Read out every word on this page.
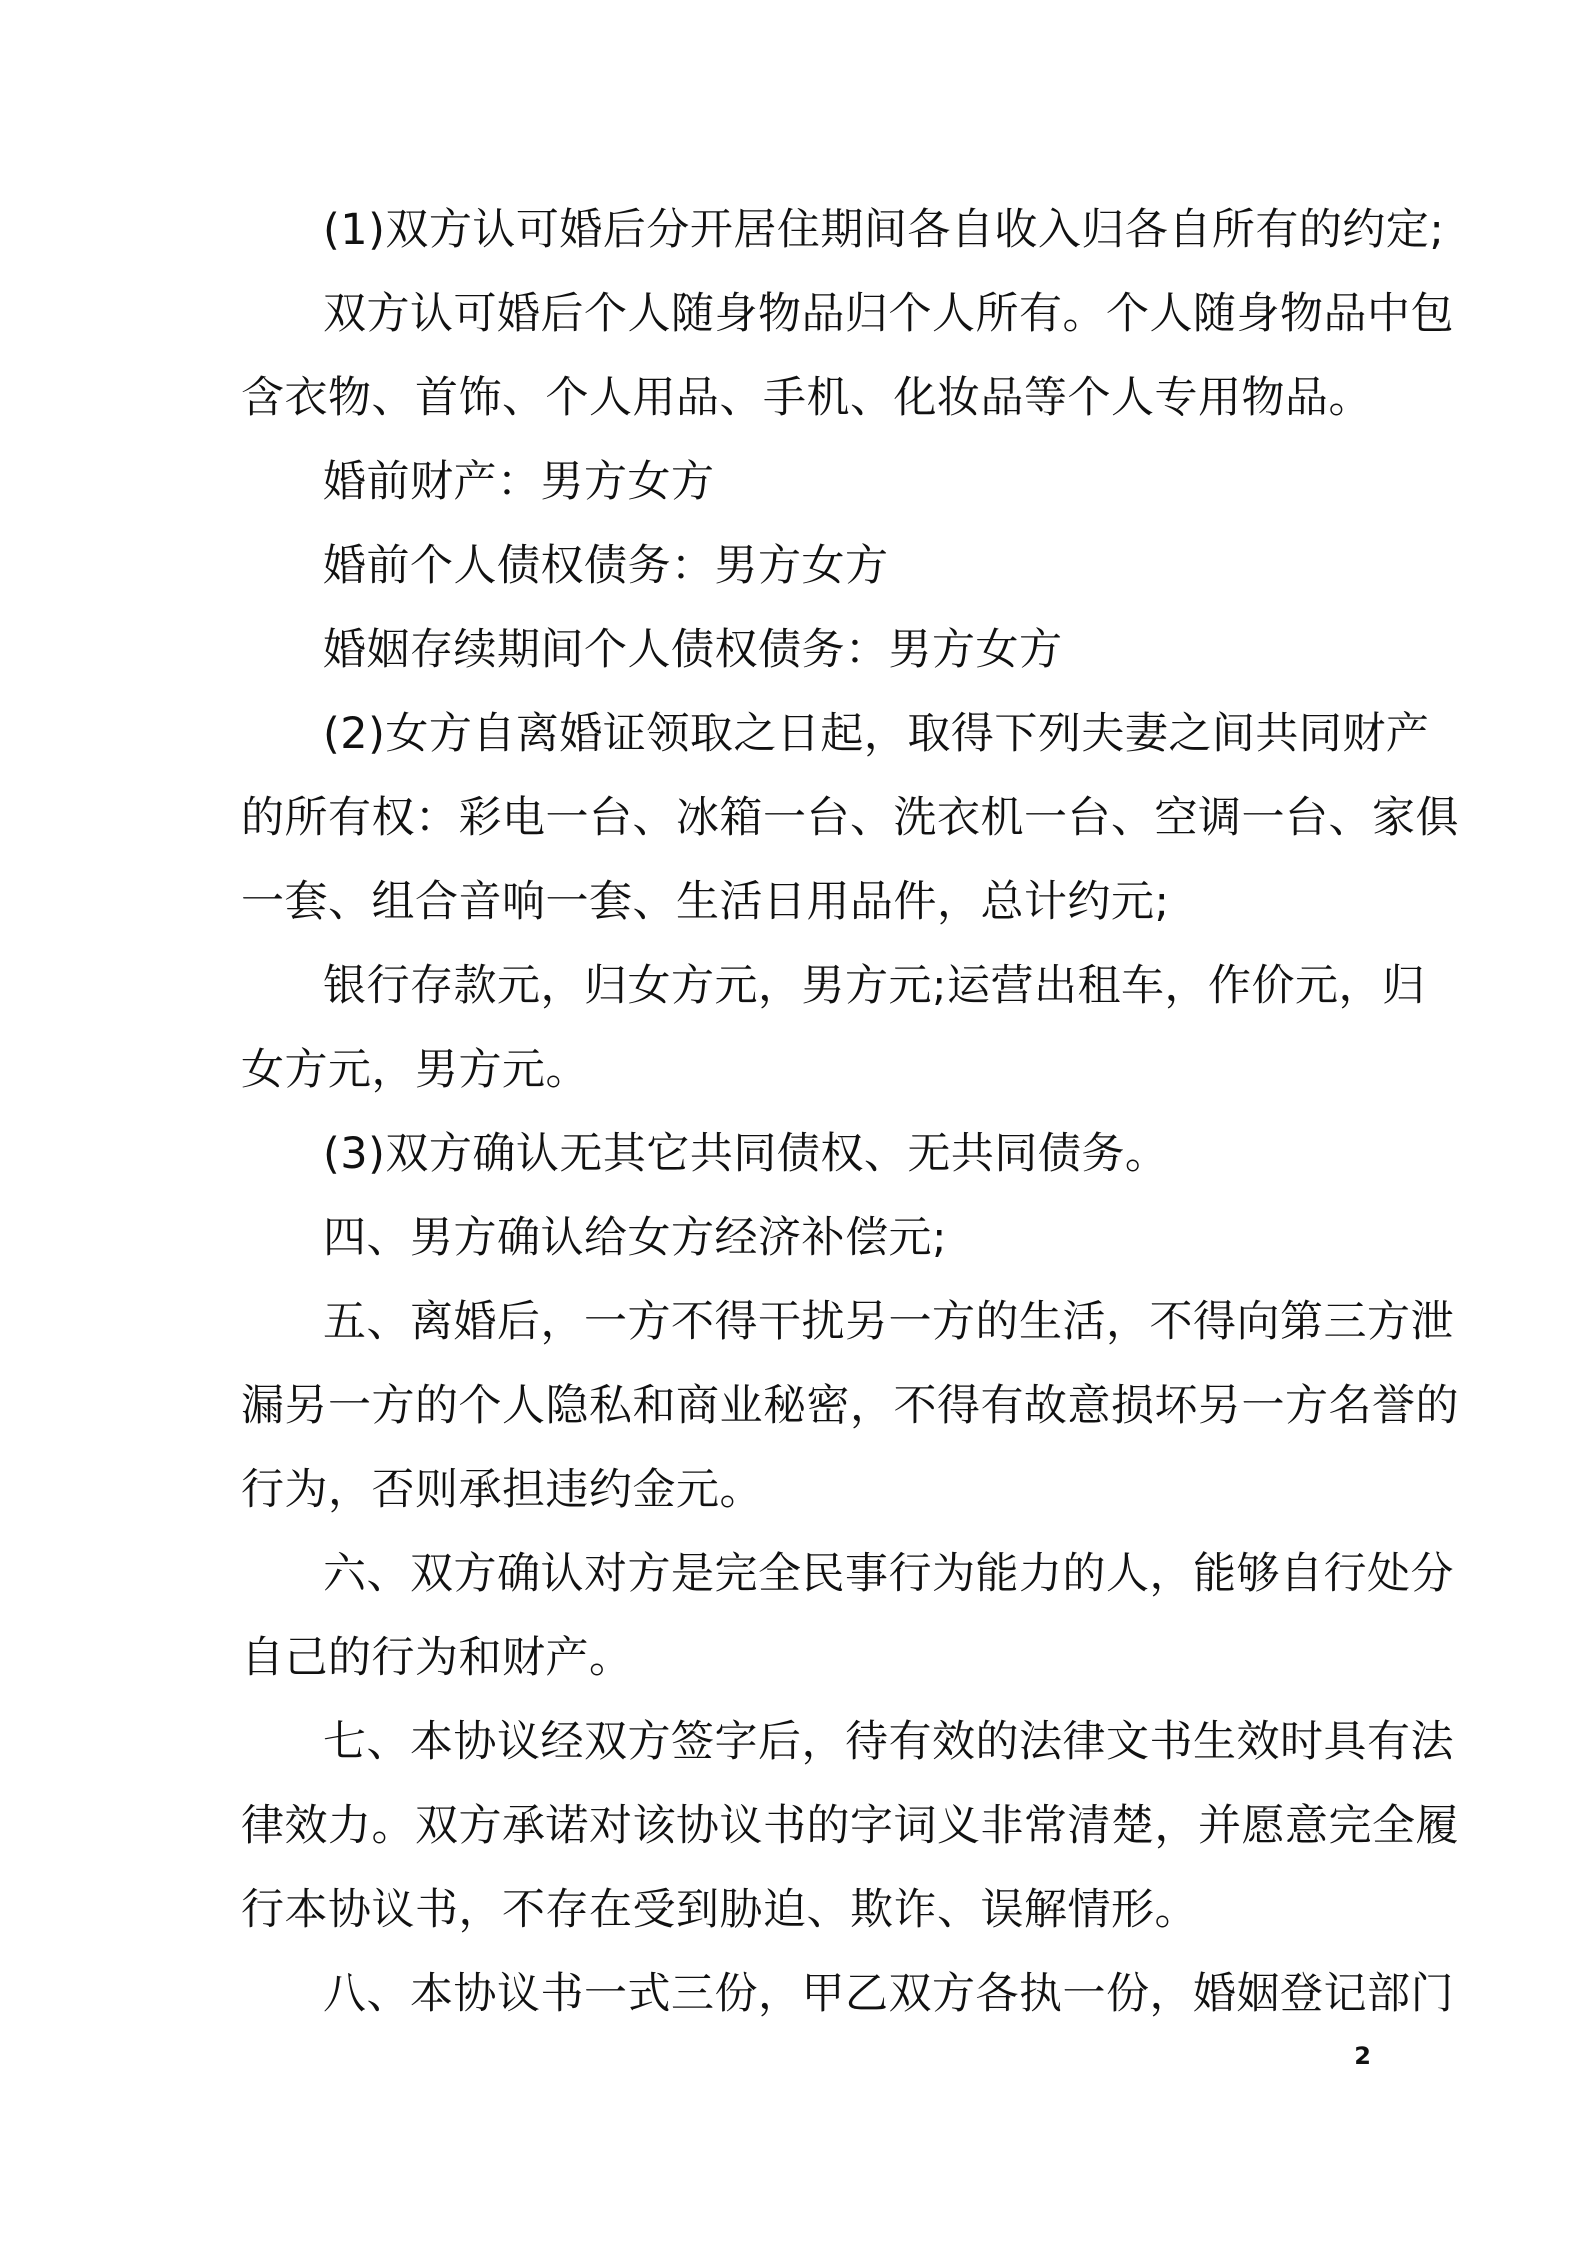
(1)双方认可婚后分开居住期间各自收入归各自所有的约定;
双方认可婚后个人随身物品归个人所有。个人随身物品中包
含衣物、首饰、个人用品、手机、化妆品等个人专用物品。
婚前财产：男方女方
婚前个人债权债务：男方女方
婚姻存续期间个人债权债务：男方女方
(2)女方自离婚证领取之日起，取得下列夫妻之间共同财产
的所有权：彩电一台、冰箱一台、洗衣机一台、空调一台、家俱
一套、组合音响一套、生活日用品件，总计约元;
银行存款元，归女方元，男方元;运营出租车，作价元，归
女方元，男方元。
(3)双方确认无其它共同债权、无共同债务。
四、男方确认给女方经济补偿元;
五、离婚后，一方不得干扰另一方的生活，不得向第三方泄
漏另一方的个人隐私和商业秘密，不得有故意损坏另一方名誉的
行为，否则承担违约金元。
六、双方确认对方是完全民事行为能力的人，能够自行处分
自己的行为和财产。
七、本协议经双方签字后，待有效的法律文书生效时具有法
律效力。双方承诺对该协议书的字词义非常清楚，并愿意完全履
行本协议书，不存在受到胁迫、欺诈、误解情形。
八、本协议书一式三份，甲乙双方各执一份，婚姻登记部门
2
